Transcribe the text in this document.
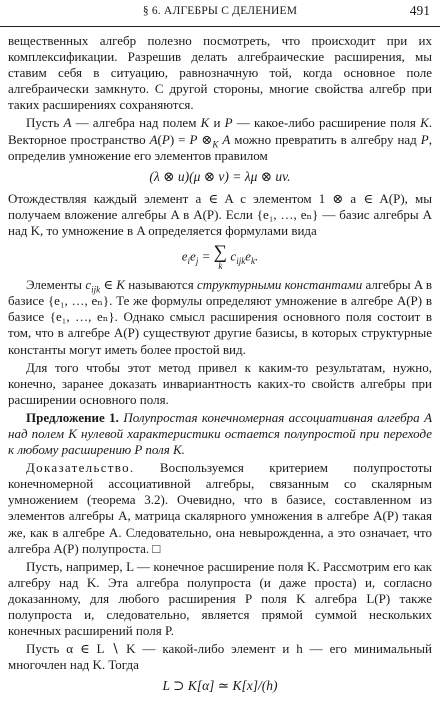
§ 6. АЛГЕБРЫ С ДЕЛЕНИЕМ	491

вещественных алгебр полезно посмотреть, что происходит при их комплексификации. Разрешив делать алгебраические расширения, мы ставим себя в ситуацию, равнозначную той, когда основное поле алгебраически замкнуто. С другой стороны, многие свойства алгебр при таких расширениях сохраняются.

Пусть A — алгебра над полем K и P — какое-либо расширение поля K. Векторное пространство A(P) = P $\otimes_K$ A можно превратить в алгебру над P, определив умножение его элементов правилом

(λ ⊗ u)(μ ⊗ v) = λμ ⊗ uv.

Отождествляя каждый элемент a ∈ A с элементом 1 ⊗ a ∈ A(P), мы получаем вложение алгебры A в A(P). Если {e₁, …, eₙ} — базис алгебры A над K, то умножение в A определяется формулами вида

$e_ie_j$ = ∑
k
$c_{ijk}e_k$.

Элементы $c_{ijk}$ ∈ K называются структурными константами алгебры A в базисе {e₁, …, eₙ}. Те же формулы определяют умножение в алгебре A(P) в базисе {e₁, …, eₙ}. Однако смысл расширения основного поля состоит в том, что в алгебре A(P) существуют другие базисы, в которых структурные константы могут иметь более простой вид.

Для того чтобы этот метод привел к каким-то результатам, нужно, конечно, заранее доказать инвариантность каких-то свойств алгебры при расширении основного поля.

Предложение 1. Полупростая конечномерная ассоциативная алгебра A над полем K нулевой характеристики остается полупростой при переходе к любому расширению P поля K.

Доказательство. Воспользуемся критерием полупростоты конечномерной ассоциативной алгебры, связанным со скалярным умножением (теорема 3.2). Очевидно, что в базисе, составленном из элементов алгебры A, матрица скалярного умножения в алгебре A(P) такая же, как в алгебре A. Следовательно, она невырожденна, а это означает, что алгебра A(P) полупроста. □

Пусть, например, L — конечное расширение поля K. Рассмотрим его как алгебру над K. Эта алгебра полупроста (и даже проста) и, согласно доказанному, для любого расширения P поля K алгебра L(P) также полупроста и, следовательно, является прямой суммой нескольких конечных расширений поля P.

Пусть α ∈ L ∖ K — какой-либо элемент и h — его минимальный многочлен над K. Тогда

L ⊃ K[α] ≃ K[x]/(h)
